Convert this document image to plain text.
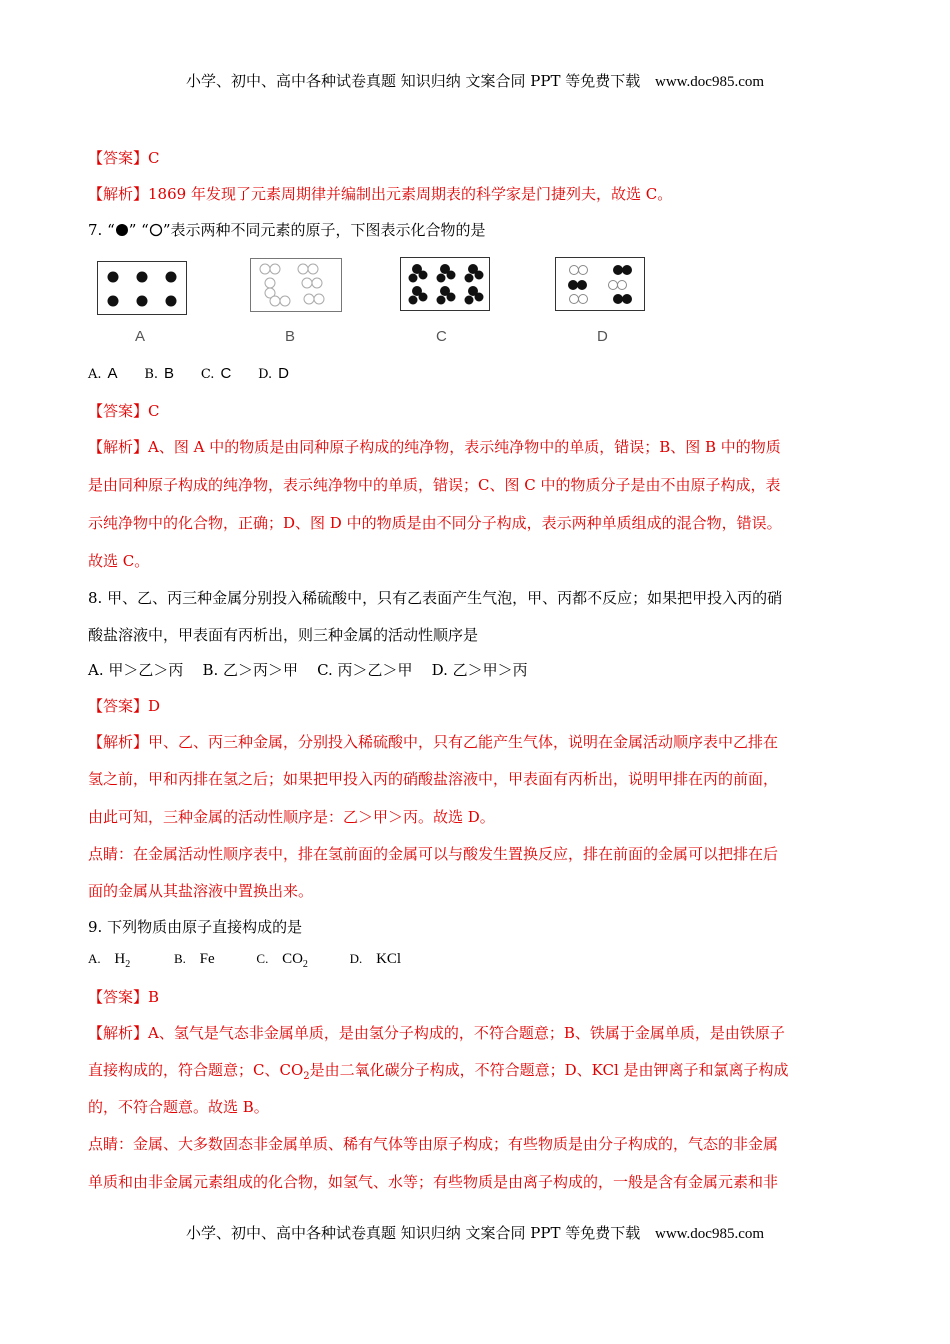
小学、初中、高中各种试卷真题 知识归纳 文案合同 PPT 等免费下载 www.doc985.com
【答案】C
【解析】1869 年发现了元素周期律并编制出元素周期表的科学家是门捷列夫，故选 C。
7. “ ” “ ”表示两种不同元素的原子，下图表示化合物的是
A	B	C	D
A. A B. B C. C D. D
【答案】C
【解析】A、图 A 中的物质是由同种原子构成的纯净物，表示纯净物中的单质，错误；B、图 B 中的物质
是由同种原子构成的纯净物，表示纯净物中的单质，错误；C、图 C 中的物质分子是由不由原子构成，表
示纯净物中的化合物，正确；D、图 D 中的物质是由不同分子构成，表示两种单质组成的混合物，错误。
故选 C。
8. 甲、乙、丙三种金属分别投入稀硫酸中，只有乙表面产生气泡，甲、丙都不反应；如果把甲投入丙的硝
酸盐溶液中，甲表面有丙析出，则三种金属的活动性顺序是
A. 甲＞乙＞丙    B. 乙＞丙＞甲    C. 丙＞乙＞甲    D. 乙＞甲＞丙
【答案】D
【解析】甲、乙、丙三种金属，分别投入稀硫酸中，只有乙能产生气体，说明在金属活动顺序表中乙排在
氢之前，甲和丙排在氢之后；如果把甲投入丙的硝酸盐溶液中，甲表面有丙析出，说明甲排在丙的前面，
由此可知，三种金属的活动性顺序是：乙＞甲＞丙。故选 D。
点睛：在金属活动性顺序表中，排在氢前面的金属可以与酸发生置换反应，排在前面的金属可以把排在后
面的金属从其盐溶液中置换出来。
9. 下列物质由原子直接构成的是
A. $H_2$	B. Fe	C. $CO_2$	D. KCl
【答案】B
【解析】A、氢气是气态非金属单质，是由氢分子构成的，不符合题意；B、铁属于金属单质，是由铁原子
直接构成的，符合题意；C、$CO_2$是由二氧化碳分子构成，不符合题意；D、KCl 是由钾离子和氯离子构成
的，不符合题意。故选 B。
点睛：金属、大多数固态非金属单质、稀有气体等由原子构成；有些物质是由分子构成的，气态的非金属
单质和由非金属元素组成的化合物，如氢气、水等；有些物质是由离子构成的，一般是含有金属元素和非
小学、初中、高中各种试卷真题 知识归纳 文案合同 PPT 等免费下载 www.doc985.com
